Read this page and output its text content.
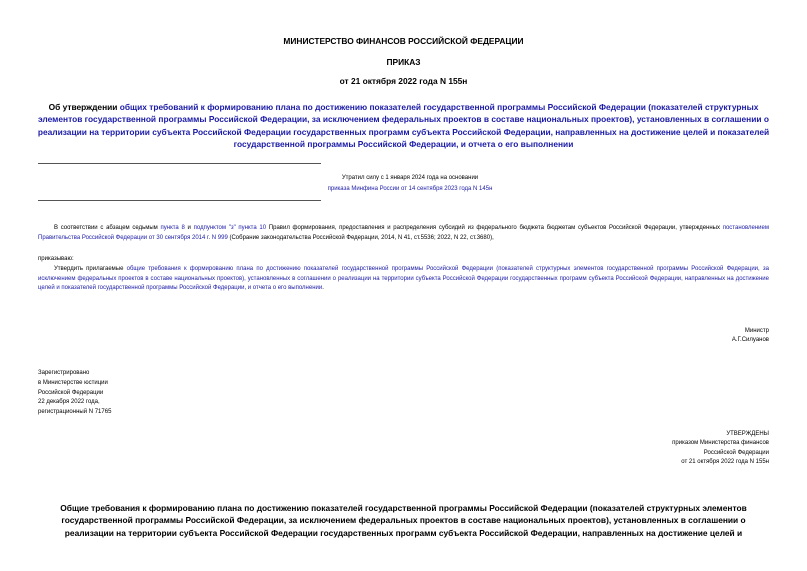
МИНИСТЕРСТВО ФИНАНСОВ РОССИЙСКОЙ ФЕДЕРАЦИИ
ПРИКАЗ
от 21 октября 2022 года N 155н
Об утверждении общих требований к формированию плана по достижению показателей государственной программы Российской Федерации (показателей структурных элементов государственной программы Российской Федерации, за исключением федеральных проектов в составе национальных проектов), установленных в соглашении о реализации на территории субъекта Российской Федерации государственных программ субъекта Российской Федерации, направленных на достижение целей и показателей государственной программы Российской Федерации, и отчета о его выполнении
Утратил силу с 1 января 2024 года на основании
приказа Минфина России от 14 сентября 2023 года N 145н
В соответствии с абзацем седьмым пункта 8 и подпунктом "з" пункта 10 Правил формирования, предоставления и распределения субсидий из федерального бюджета бюджетам субъектов Российской Федерации, утвержденных постановлением Правительства Российской Федерации от 30 сентября 2014 г. N 999 (Собрание законодательства Российской Федерации, 2014, N 41, ст.5536; 2022, N 22, ст.3680),
приказываю:
Утвердить прилагаемые общие требования к формированию плана по достижению показателей государственной программы Российской Федерации (показателей структурных элементов государственной программы Российской Федерации, за исключением федеральных проектов в составе национальных проектов), установленных в соглашении о реализации на территории субъекта Российской Федерации государственных программ субъекта Российской Федерации, направленных на достижение целей и показателей государственной программы Российской Федерации, и отчета о его выполнении.
Министр
А.Г.Силуанов
Зарегистрировано
в Министерстве юстиции
Российской Федерации
22 декабря 2022 года,
регистрационный N 71765
УТВЕРЖДЕНЫ
приказом Министерства финансов
Российской Федерации
от 21 октября 2022 года N 155н
Общие требования к формированию плана по достижению показателей государственной программы Российской Федерации (показателей структурных элементов государственной программы Российской Федерации, за исключением федеральных проектов в составе национальных проектов), установленных в соглашении о реализации на территории субъекта Российской Федерации государственных программ субъекта Российской Федерации, направленных на достижение целей и
